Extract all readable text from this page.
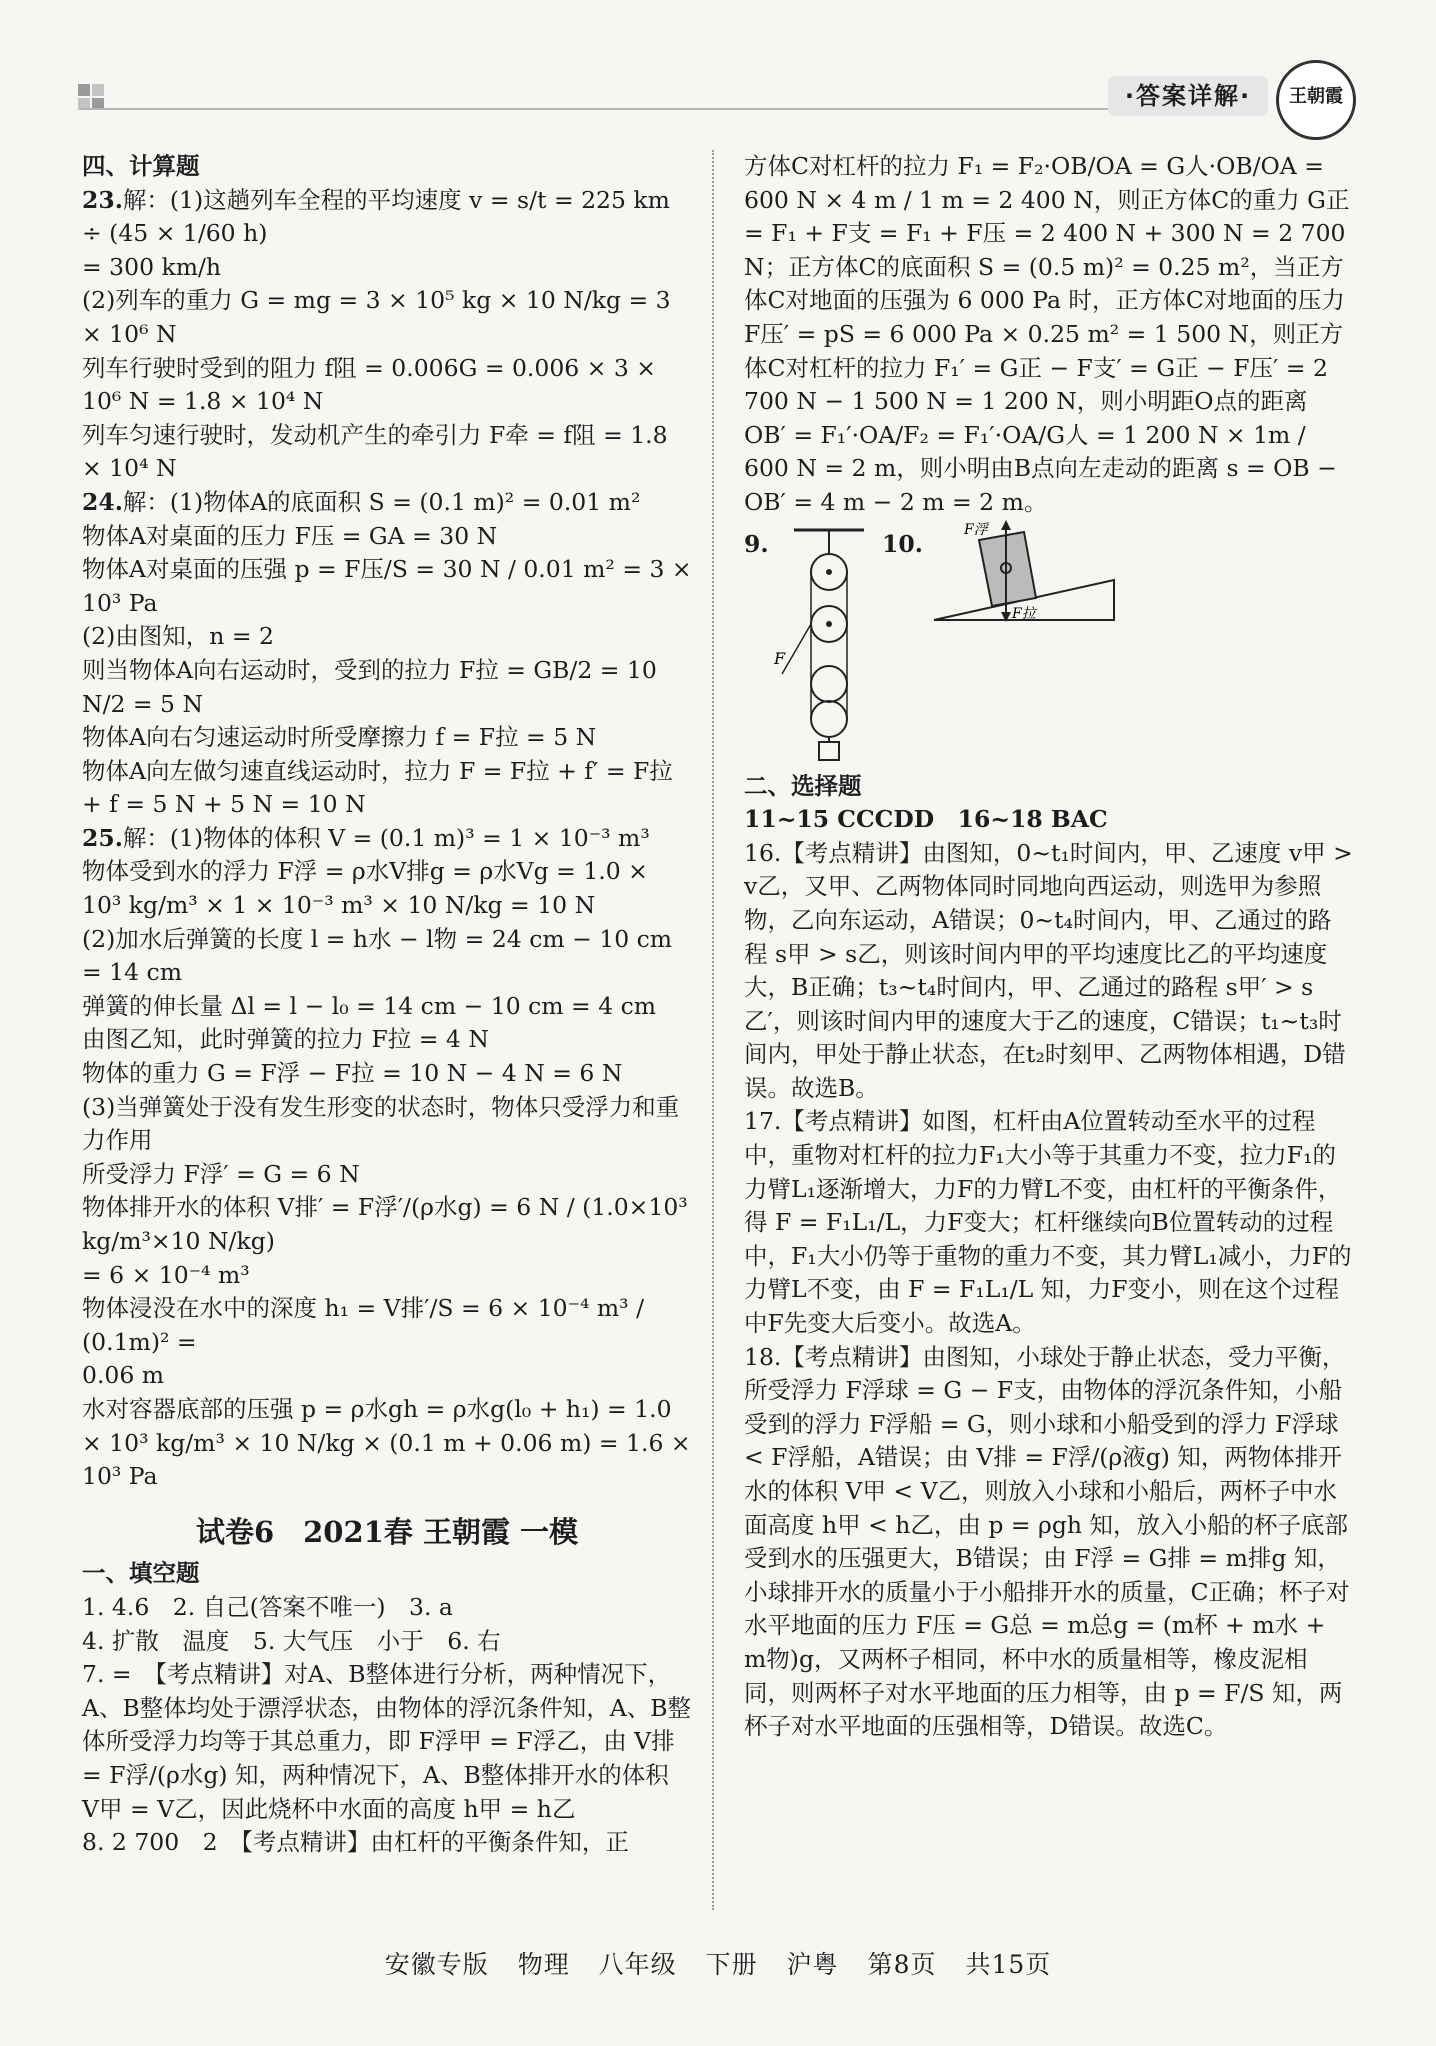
·答案详解·	王朝霞

四、计算题

23.解：(1)这趟列车全程的平均速度 v = s/t = 225 km ÷ (45 × 1/60 h)

= 300 km/h

(2)列车的重力 G = mg = 3 × 10⁵ kg × 10 N/kg = 3 × 10⁶ N

列车行驶时受到的阻力 f阻 = 0.006G = 0.006 × 3 × 10⁶ N = 1.8 × 10⁴ N

列车匀速行驶时，发动机产生的牵引力 F牵 = f阻 = 1.8 × 10⁴ N

24.解：(1)物体A的底面积 S = (0.1 m)² = 0.01 m²

物体A对桌面的压力 F压 = GA = 30 N

物体A对桌面的压强 p = F压/S = 30 N / 0.01 m² = 3 × 10³ Pa

(2)由图知，n = 2

则当物体A向右运动时，受到的拉力 F拉 = GB/2 = 10 N/2 = 5 N

物体A向右匀速运动时所受摩擦力 f = F拉 = 5 N

物体A向左做匀速直线运动时，拉力 F = F拉 + f′ = F拉 + f = 5 N + 5 N = 10 N

25.解：(1)物体的体积 V = (0.1 m)³ = 1 × 10⁻³ m³

物体受到水的浮力 F浮 = ρ水V排g = ρ水Vg = 1.0 × 10³ kg/m³ × 1 × 10⁻³ m³ × 10 N/kg = 10 N

(2)加水后弹簧的长度 l = h水 − l物 = 24 cm − 10 cm = 14 cm

弹簧的伸长量 Δl = l − l₀ = 14 cm − 10 cm = 4 cm

由图乙知，此时弹簧的拉力 F拉 = 4 N

物体的重力 G = F浮 − F拉 = 10 N − 4 N = 6 N

(3)当弹簧处于没有发生形变的状态时，物体只受浮力和重力作用

所受浮力 F浮′ = G = 6 N

物体排开水的体积 V排′ = F浮′/(ρ水g) = 6 N / (1.0×10³ kg/m³×10 N/kg)

= 6 × 10⁻⁴ m³

物体浸没在水中的深度 h₁ = V排′/S = 6 × 10⁻⁴ m³ / (0.1m)² =

0.06 m

水对容器底部的压强 p = ρ水gh = ρ水g(l₀ + h₁) = 1.0 × 10³ kg/m³ × 10 N/kg × (0.1 m + 0.06 m) = 1.6 × 10³ Pa

试卷6　2021春 王朝霞 一模

一、填空题

1. 4.6　2. 自己(答案不唯一)　3. a

4. 扩散　温度　5. 大气压　小于　6. 右

7. =　【考点精讲】对A、B整体进行分析，两种情况下，A、B整体均处于漂浮状态，由物体的浮沉条件知，A、B整体所受浮力均等于其总重力，即 F浮甲 = F浮乙，由 V排 = F浮/(ρ水g) 知，两种情况下，A、B整体排开水的体积 V甲 = V乙，因此烧杯中水面的高度 h甲 = h乙

8. 2 700　2　【考点精讲】由杠杆的平衡条件知，正

方体C对杠杆的拉力 F₁ = F₂·OB/OA = G人·OB/OA = 600 N × 4 m / 1 m = 2 400 N，则正方体C的重力 G正 = F₁ + F支 = F₁ + F压 = 2 400 N + 300 N = 2 700 N；正方体C的底面积 S = (0.5 m)² = 0.25 m²，当正方体C对地面的压强为 6 000 Pa 时，正方体C对地面的压力 F压′ = pS = 6 000 Pa × 0.25 m² = 1 500 N，则正方体C对杠杆的拉力 F₁′ = G正 − F支′ = G正 − F压′ = 2 700 N − 1 500 N = 1 200 N，则小明距O点的距离 OB′ = F₁′·OA/F₂ = F₁′·OA/G人 = 1 200 N × 1m / 600 N = 2 m，则小明由B点向左走动的距离 s = OB − OB′ = 4 m − 2 m = 2 m。

9.
F
10.	F浮
F拉

二、选择题

11~15 CCCDD　16~18 BAC

16.【考点精讲】由图知，0~t₁时间内，甲、乙速度 v甲 > v乙，又甲、乙两物体同时同地向西运动，则选甲为参照物，乙向东运动，A错误；0~t₄时间内，甲、乙通过的路程 s甲 > s乙，则该时间内甲的平均速度比乙的平均速度大，B正确；t₃~t₄时间内，甲、乙通过的路程 s甲′ > s乙′，则该时间内甲的速度大于乙的速度，C错误；t₁~t₃时间内，甲处于静止状态，在t₂时刻甲、乙两物体相遇，D错误。故选B。

17.【考点精讲】如图，杠杆由A位置转动至水平的过程中，重物对杠杆的拉力F₁大小等于其重力不变，拉力F₁的力臂L₁逐渐增大，力F的力臂L不变，由杠杆的平衡条件，得 F = F₁L₁/L，力F变大；杠杆继续向B位置转动的过程中，F₁大小仍等于重物的重力不变，其力臂L₁减小，力F的力臂L不变，由 F = F₁L₁/L 知，力F变小，则在这个过程中F先变大后变小。故选A。

18.【考点精讲】由图知，小球处于静止状态，受力平衡，所受浮力 F浮球 = G − F支，由物体的浮沉条件知，小船受到的浮力 F浮船 = G，则小球和小船受到的浮力 F浮球 < F浮船，A错误；由 V排 = F浮/(ρ液g) 知，两物体排开水的体积 V甲 < V乙，则放入小球和小船后，两杯子中水面高度 h甲 < h乙，由 p = ρgh 知，放入小船的杯子底部受到水的压强更大，B错误；由 F浮 = G排 = m排g 知，小球排开水的质量小于小船排开水的质量，C正确；杯子对水平地面的压力 F压 = G总 = m总g = (m杯 + m水 + m物)g，又两杯子相同，杯中水的质量相等，橡皮泥相同，则两杯子对水平地面的压力相等，由 p = F/S 知，两杯子对水平地面的压强相等，D错误。故选C。

安徽专版 物理 八年级 下册 沪粤 第8页 共15页
